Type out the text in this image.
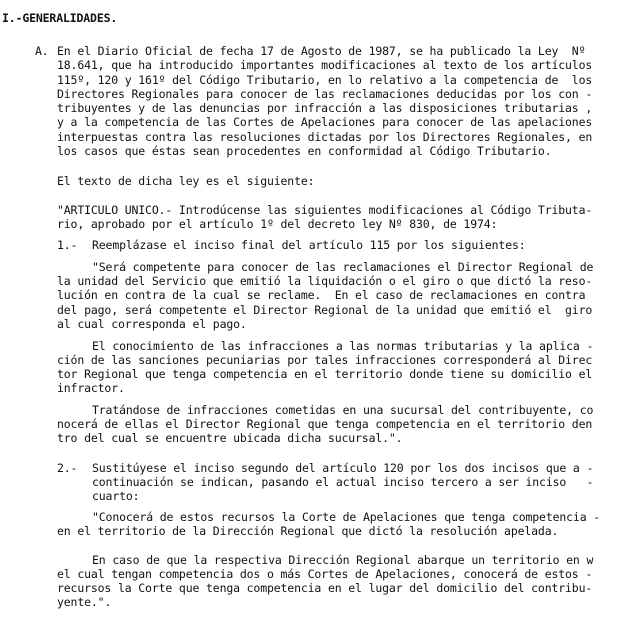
I.-GENERALIDADES.
A. En el Diario Oficial de fecha 17 de Agosto de 1987, se ha publicado la Ley  Nº
18.641, que ha introducido importantes modificaciones al texto de los artículos
115º, 120 y 161º del Código Tributario, en lo relativo a la competencia de  los
Directores Regionales para conocer de las reclamaciones deducidas por los con -
tribuyentes y de las denuncias por infracción a las disposiciones tributarias ,
y a la competencia de las Cortes de Apelaciones para conocer de las apelaciones
interpuestas contra las resoluciones dictadas por los Directores Regionales, en
los casos que éstas sean procedentes en conformidad al Código Tributario.
El texto de dicha ley es el siguiente:
"ARTICULO UNICO.- Introdúcense las siguientes modificaciones al Código Tributa-
rio, aprobado por el artículo 1º del decreto ley Nº 830, de 1974:
1.- Reemplázase el inciso final del artículo 115 por los siguientes:
"Será competente para conocer de las reclamaciones el Director Regional de
la unidad del Servicio que emitió la liquidación o el giro o que dictó la reso-
lución en contra de la cual se reclame.  En el caso de reclamaciones en contra
del pago, será competente el Director Regional de la unidad que emitió el  giro
al cual corresponda el pago.
El conocimiento de las infracciones a las normas tributarias y la aplica -
ción de las sanciones pecuniarias por tales infracciones corresponderá al Direc
tor Regional que tenga competencia en el territorio donde tiene su domicilio el
infractor.
Tratándose de infracciones cometidas en una sucursal del contribuyente, co
nocerá de ellas el Director Regional que tenga competencia en el territorio den
tro del cual se encuentre ubicada dicha sucursal.".
2.- Sustitúyese el inciso segundo del artículo 120 por los dos incisos que a -
continuación se indican, pasando el actual inciso tercero a ser inciso   -
cuarto:
"Conocerá de estos recursos la Corte de Apelaciones que tenga competencia -
en el territorio de la Dirección Regional que dictó la resolución apelada.
En caso de que la respectiva Dirección Regional abarque un territorio en w
el cual tengan competencia dos o más Cortes de Apelaciones, conocerá de estos -
recursos la Corte que tenga competencia en el lugar del domicilio del contribu-
yente.".
